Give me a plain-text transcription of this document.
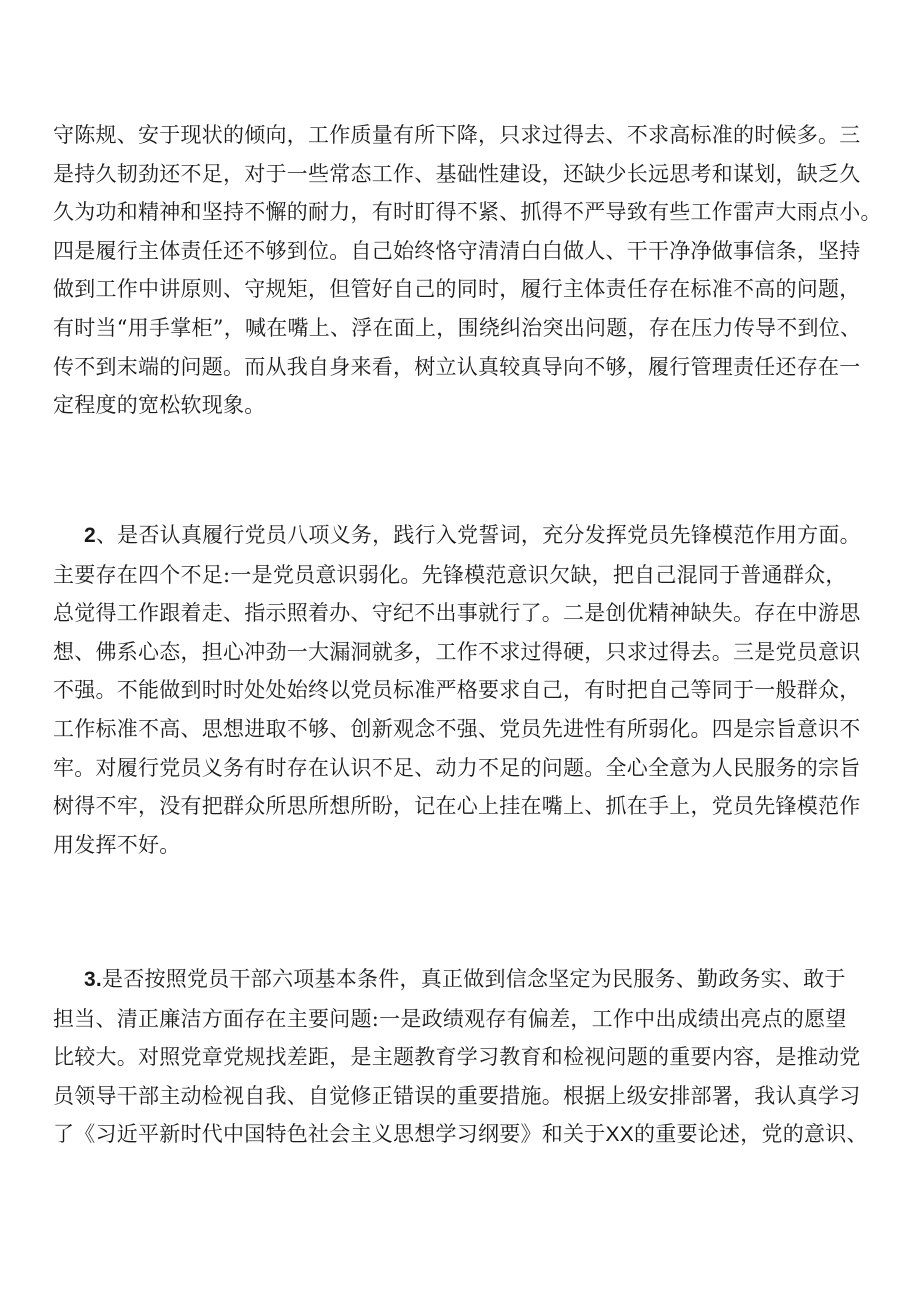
守陈规、安于现状的倾向，工作质量有所下降，只求过得去、不求高标准的时候多。三
是持久韧劲还不足，对于一些常态工作、基础性建设，还缺少长远思考和谋划，缺乏久
久为功和精神和坚持不懈的耐力，有时盯得不紧、抓得不严导致有些工作雷声大雨点小。
四是履行主体责任还不够到位。自己始终恪守清清白白做人、干干净净做事信条，坚持
做到工作中讲原则、守规矩，但管好自己的同时，履行主体责任存在标准不高的问题，
有时当“用手掌柜”，喊在嘴上、浮在面上，围绕纠治突出问题，存在压力传导不到位、
传不到末端的问题。而从我自身来看，树立认真较真导向不够，履行管理责任还存在一
定程度的宽松软现象。
2、是否认真履行党员八项义务，践行入党誓词，充分发挥党员先锋模范作用方面。
主要存在四个不足:一是党员意识弱化。先锋模范意识欠缺，把自己混同于普通群众，
总觉得工作跟着走、指示照着办、守纪不出事就行了。二是创优精神缺失。存在中游思
想、佛系心态，担心冲劲一大漏洞就多，工作不求过得硬，只求过得去。三是党员意识
不强。不能做到时时处处始终以党员标准严格要求自己，有时把自己等同于一般群众，
工作标准不高、思想进取不够、创新观念不强、党员先进性有所弱化。四是宗旨意识不
牢。对履行党员义务有时存在认识不足、动力不足的问题。全心全意为人民服务的宗旨
树得不牢，没有把群众所思所想所盼，记在心上挂在嘴上、抓在手上，党员先锋模范作
用发挥不好。
3.是否按照党员干部六项基本条件，真正做到信念坚定为民服务、勤政务实、敢于
担当、清正廉洁方面存在主要问题:一是政绩观存有偏差，工作中出成绩出亮点的愿望
比较大。对照党章党规找差距，是主题教育学习教育和检视问题的重要内容，是推动党
员领导干部主动检视自我、自觉修正错误的重要措施。根据上级安排部署，我认真学习
了《习近平新时代中国特色社会主义思想学习纲要》和关于XX的重要论述，党的意识、
